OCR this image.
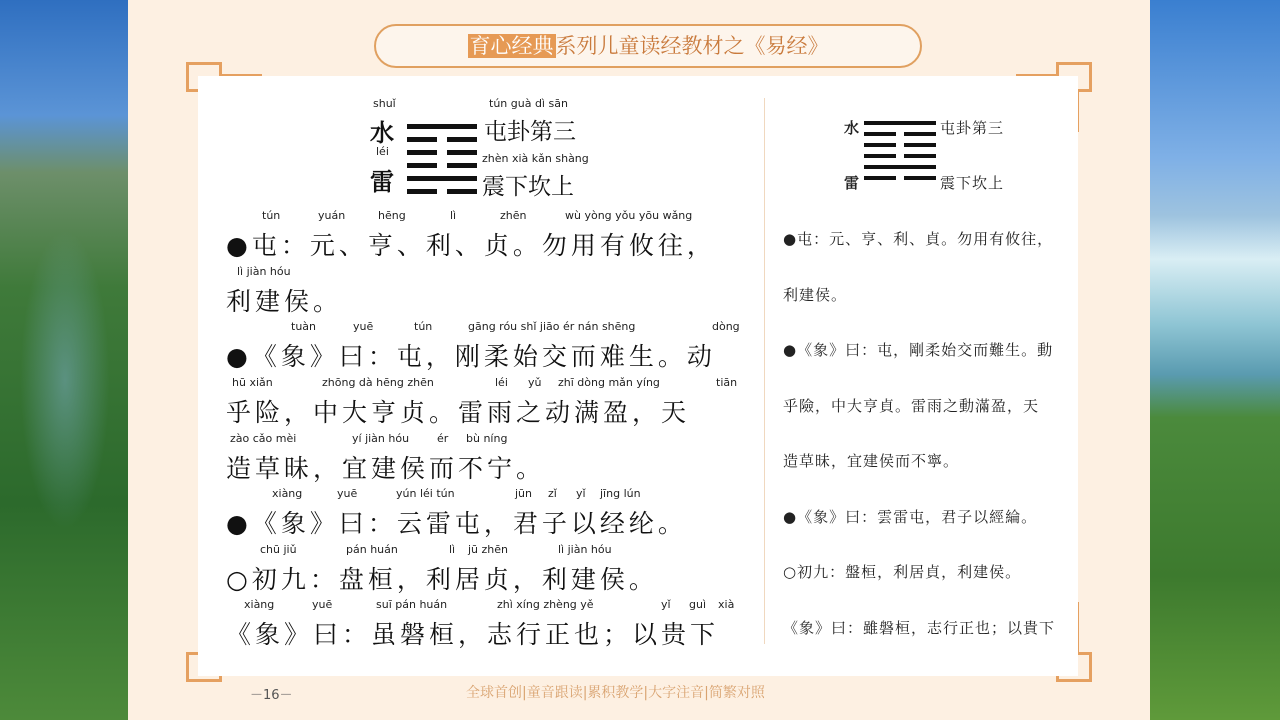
育心经典系列儿童读经教材之《易经》
shuǐ
水
léi
雷
tún guà dì sān
屯卦第三
zhèn xià kǎn shàng
震下坎上
tún	yuán	hēng	lì	zhēn	wù yòng yǒu yōu wǎng
●屯：元、亨、利、贞。勿用有攸往，
lì jiàn hóu
利建侯。
tuàn	yuē	tún	gāng róu shǐ jiāo ér nán shēng	dòng
●《象》曰：屯，刚柔始交而难生。动
hū xiǎn	zhōng dà hēng zhēn	léi yǔ zhī dòng mǎn yíng	tiān
乎险，中大亨贞。雷雨之动满盈，天
zào cǎo mèi	yí jiàn hóu	ér bù níng
造草昧，宜建侯而不宁。
xiàng	yuē	yún léi tún	jūn zǐ yǐ jīng lún
●《象》曰：云雷屯，君子以经纶。
chū jiǔ	pán huán	lì jū zhēn	lì jiàn hóu
○初九：盘桓，利居贞，利建侯。
xiàng	yuē	suī pán huán	zhì xíng zhèng yě	yǐ guì xià
《象》曰：虽磐桓，志行正也；以贵下
水
雷
屯卦第三
震下坎上
●屯：元、亨、利、貞。勿用有攸往，
利建侯。
●《象》曰：屯，剛柔始交而難生。動
乎險，中大亨貞。雷雨之動滿盈，天
造草昧，宜建侯而不寧。
●《象》曰：雲雷屯，君子以經綸。
○初九：盤桓，利居貞，利建侯。
《象》曰：雖磐桓，志行正也；以貴下
－16－	全球首创|童音跟读|累积教学|大字注音|简繁对照
